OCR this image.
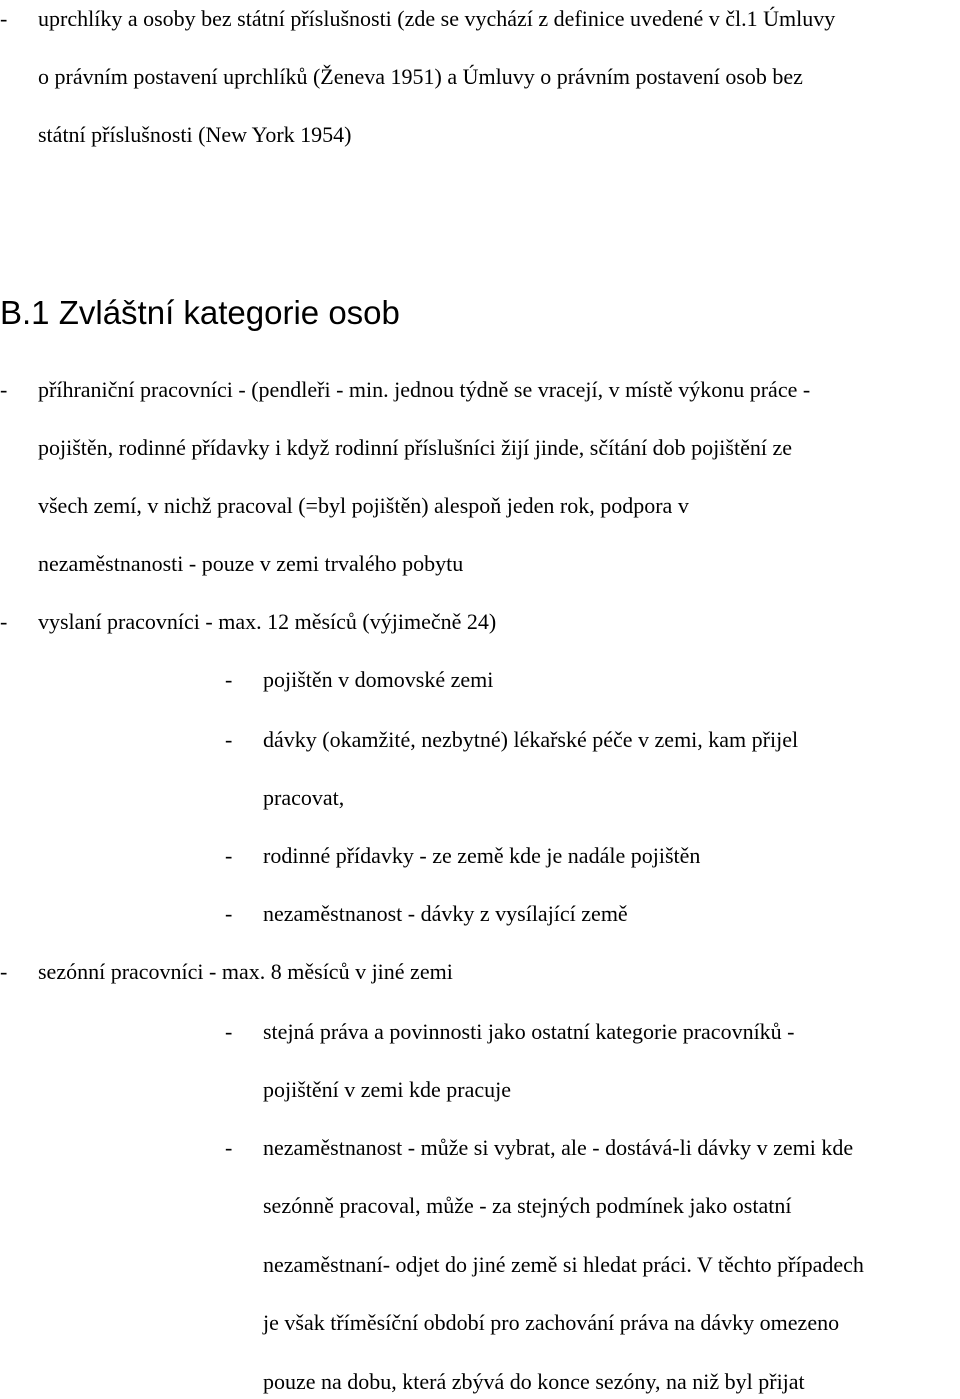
- uprchlíky a osoby bez státní příslušnosti (zde se vychází z definice uvedené v čl.1 Úmluvy
o právním postavení uprchlíků (Ženeva 1951) a Úmluvy o právním postavení osob bez
státní příslušnosti (New York 1954)
B.1 Zvláštní kategorie osob
- příhraniční pracovníci - (pendleři - min. jednou týdně se vracejí, v místě výkonu práce -
pojištěn, rodinné přídavky i když rodinní příslušníci žijí jinde, sčítání dob pojištění ze
všech zemí, v nichž pracoval (=byl pojištěn) alespoň jeden rok, podpora v
nezaměstnanosti - pouze v zemi trvalého pobytu
- vyslaní pracovníci - max. 12 měsíců (výjimečně 24)
- pojištěn v domovské zemi
- dávky (okamžité, nezbytné) lékařské péče v zemi, kam přijel
pracovat,
- rodinné přídavky - ze země kde je nadále pojištěn
- nezaměstnanost - dávky z vysílající země
- sezónní pracovníci - max. 8 měsíců v jiné zemi
- stejná práva a povinnosti jako ostatní kategorie pracovníků -
pojištění v zemi kde pracuje
- nezaměstnanost - může si vybrat, ale - dostává-li dávky v zemi kde
sezónně pracoval, může - za stejných podmínek jako ostatní
nezaměstnaní- odjet do jiné země si hledat práci. V těchto případech
je však tříměsíční období pro zachování práva na dávky omezeno
pouze na dobu, která zbývá do konce sezóny, na niž byl přijat
